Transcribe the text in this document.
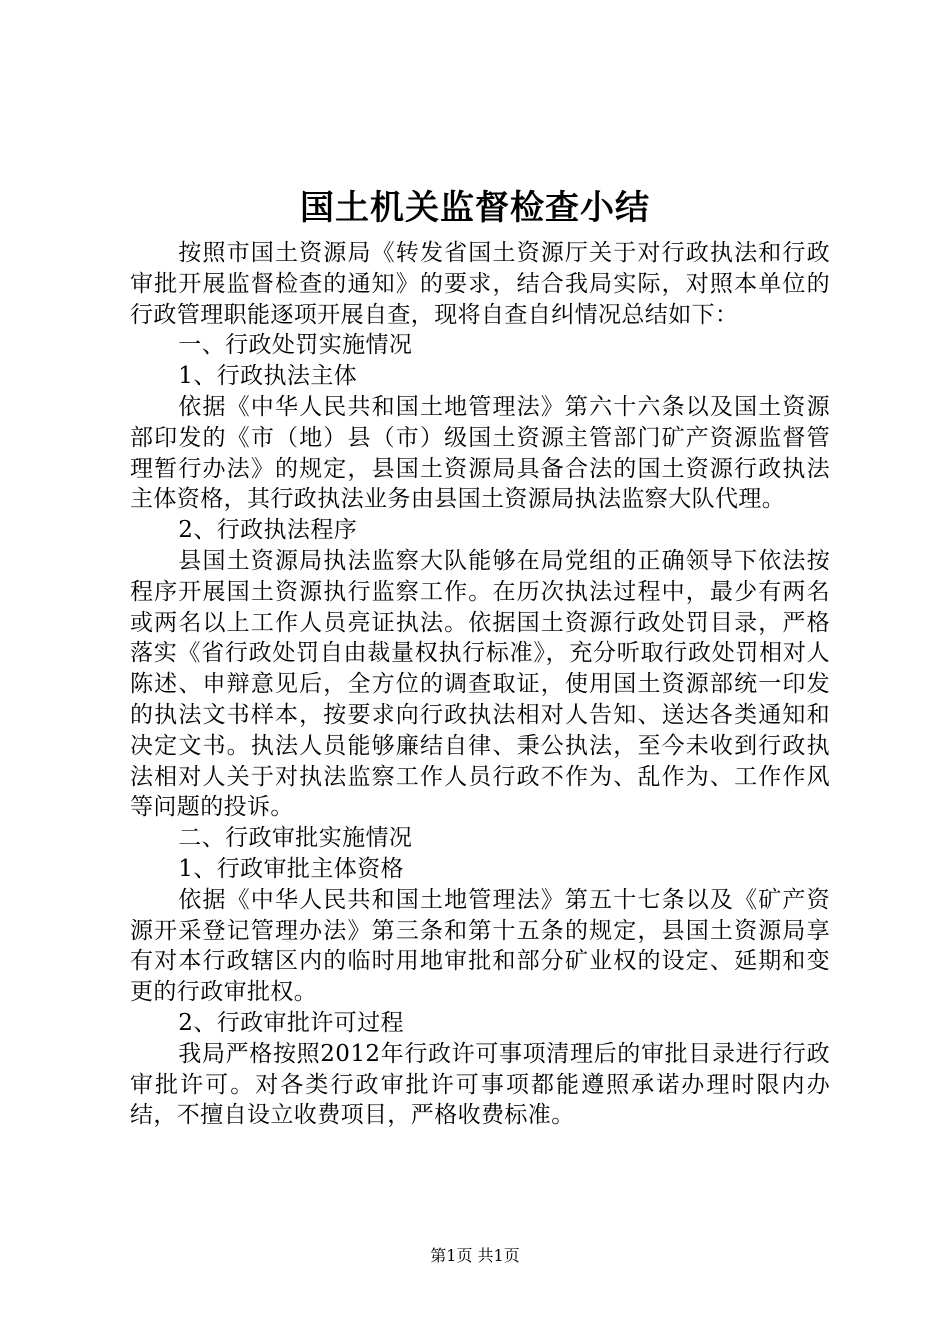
国土机关监督检查小结

按照市国土资源局《转发省国土资源厅关于对行政执法和行政审批开展监督检查的通知》的要求，结合我局实际，对照本单位的行政管理职能逐项开展自查，现将自查自纠情况总结如下：

一、行政处罚实施情况

1、行政执法主体

依据《中华人民共和国土地管理法》第六十六条以及国土资源部印发的《市（地）县（市）级国土资源主管部门矿产资源监督管理暂行办法》的规定，县国土资源局具备合法的国土资源行政执法主体资格，其行政执法业务由县国土资源局执法监察大队代理。

2、行政执法程序

县国土资源局执法监察大队能够在局党组的正确领导下依法按程序开展国土资源执行监察工作。在历次执法过程中，最少有两名或两名以上工作人员亮证执法。依据国土资源行政处罚目录，严格落实《省行政处罚自由裁量权执行标准》，充分听取行政处罚相对人陈述、申辩意见后，全方位的调查取证，使用国土资源部统一印发的执法文书样本，按要求向行政执法相对人告知、送达各类通知和决定文书。执法人员能够廉结自律、秉公执法，至今未收到行政执法相对人关于对执法监察工作人员行政不作为、乱作为、工作作风等问题的投诉。

二、行政审批实施情况

1、行政审批主体资格

依据《中华人民共和国土地管理法》第五十七条以及《矿产资源开采登记管理办法》第三条和第十五条的规定，县国土资源局享有对本行政辖区内的临时用地审批和部分矿业权的设定、延期和变更的行政审批权。

2、行政审批许可过程

我局严格按照2012年行政许可事项清理后的审批目录进行行政审批许可。对各类行政审批许可事项都能遵照承诺办理时限内办结，不擅自设立收费项目，严格收费标准。

第1页 共1页
